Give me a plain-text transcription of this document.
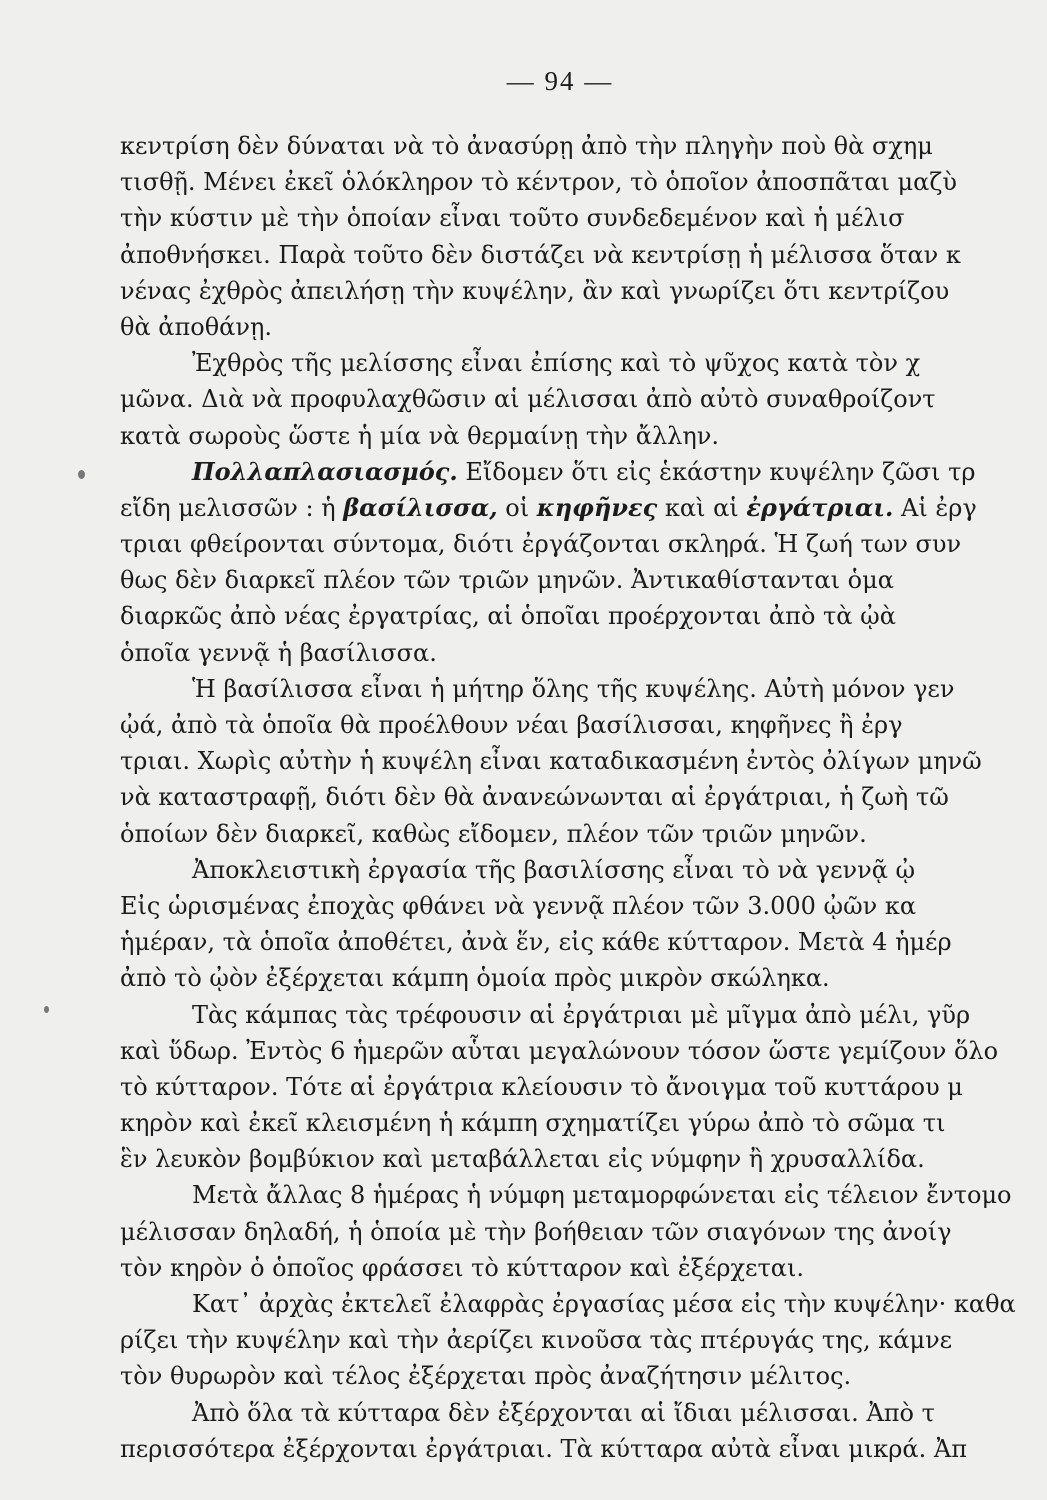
— 94 —
κεντρίση δὲν δύναται νὰ τὸ ἀνασύρῃ ἀπὸ τὴν πληγὴν ποὺ θὰ σχημ
τισθῇ. Μένει ἐκεῖ ὁλόκληρον τὸ κέντρον, τὸ ὁποῖον ἀποσπᾶται μαζὺ
τὴν κύστιν μὲ τὴν ὁποίαν εἶναι τοῦτο συνδεδεμένον καὶ ἡ μέλισ
ἀποθνήσκει. Παρὰ τοῦτο δὲν διστάζει νὰ κεντρίσῃ ἡ μέλισσα ὅταν κ
νένας ἐχθρὸς ἀπειλήσῃ τὴν κυψέλην, ἂν καὶ γνωρίζει ὅτι κεντρίζου
θὰ ἀποθάνῃ.
Ἐχθρὸς τῆς μελίσσης εἶναι ἐπίσης καὶ τὸ ψῦχος κατὰ τὸν χ
μῶνα. Διὰ νὰ προφυλαχθῶσιν αἱ μέλισσαι ἀπὸ αὐτὸ συναθροίζοντ
κατὰ σωροὺς ὥστε ἡ μία νὰ θερμαίνῃ τὴν ἄλλην.
Πολλαπλασιασμός. Εἴδομεν ὅτι εἰς ἑκάστην κυψέλην ζῶσι τρ
εἴδη μελισσῶν : ἡ βασίλισσα, οἱ κηφῆνες καὶ αἱ ἐργάτριαι. Αἱ ἐργ
τριαι φθείρονται σύντομα, διότι ἐργάζονται σκληρά. Ἡ ζωή των συν
θως δὲν διαρκεῖ πλέον τῶν τριῶν μηνῶν. Ἀντικαθίστανται ὁμα
διαρκῶς ἀπὸ νέας ἐργατρίας, αἱ ὁποῖαι προέρχονται ἀπὸ τὰ ᾠὰ
ὁποῖα γεννᾷ ἡ βασίλισσα.
Ἡ βασίλισσα εἶναι ἡ μήτηρ ὅλης τῆς κυψέλης. Αὐτὴ μόνον γεν
ᾠά, ἀπὸ τὰ ὁποῖα θὰ προέλθουν νέαι βασίλισσαι, κηφῆνες ἢ ἐργ
τριαι. Χωρὶς αὐτὴν ἡ κυψέλη εἶναι καταδικασμένη ἐντὸς ὀλίγων μηνῶ
νὰ καταστραφῇ, διότι δὲν θὰ ἀνανεώνωνται αἱ ἐργάτριαι, ἡ ζωὴ τῶ
ὁποίων δὲν διαρκεῖ, καθὼς εἴδομεν, πλέον τῶν τριῶν μηνῶν.
Ἀποκλειστικὴ ἐργασία τῆς βασιλίσσης εἶναι τὸ νὰ γεννᾷ ᾠ
Εἰς ὡρισμένας ἐποχὰς φθάνει νὰ γεννᾷ πλέον τῶν 3.000 ᾠῶν κα
ἡμέραν, τὰ ὁποῖα ἀποθέτει, ἀνὰ ἕν, εἰς κάθε κύτταρον. Μετὰ 4 ἡμέρ
ἀπὸ τὸ ᾠὸν ἐξέρχεται κάμπη ὁμοία πρὸς μικρὸν σκώληκα.
Τὰς κάμπας τὰς τρέφουσιν αἱ ἐργάτριαι μὲ μῖγμα ἀπὸ μέλι, γῦρ
καὶ ὕδωρ. Ἐντὸς 6 ἡμερῶν αὗται μεγαλώνουν τόσον ὥστε γεμίζουν ὅλο
τὸ κύτταρον. Τότε αἱ ἐργάτρια κλείουσιν τὸ ἄνοιγμα τοῦ κυττάρου μ
κηρὸν καὶ ἐκεῖ κλεισμένη ἡ κάμπη σχηματίζει γύρω ἀπὸ τὸ σῶμα τι
ἓν λευκὸν βομβύκιον καὶ μεταβάλλεται εἰς νύμφην ἢ χρυσαλλίδα.
Μετὰ ἄλλας 8 ἡμέρας ἡ νύμφη μεταμορφώνεται εἰς τέλειον ἔντομο
μέλισσαν δηλαδή, ἡ ὁποία μὲ τὴν βοήθειαν τῶν σιαγόνων της ἀνοίγ
τὸν κηρὸν ὁ ὁποῖος φράσσει τὸ κύτταρον καὶ ἐξέρχεται.
Κατ᾿ ἀρχὰς ἐκτελεῖ ἐλαφρὰς ἐργασίας μέσα εἰς τὴν κυψέλην· καθα
ρίζει τὴν κυψέλην καὶ τὴν ἀερίζει κινοῦσα τὰς πτέρυγάς της, κάμνε
τὸν θυρωρὸν καὶ τέλος ἐξέρχεται πρὸς ἀναζήτησιν μέλιτος.
Ἀπὸ ὅλα τὰ κύτταρα δὲν ἐξέρχονται αἱ ἴδιαι μέλισσαι. Ἀπὸ τ
περισσότερα ἐξέρχονται ἐργάτριαι. Τὰ κύτταρα αὐτὰ εἶναι μικρά. Ἀπ
